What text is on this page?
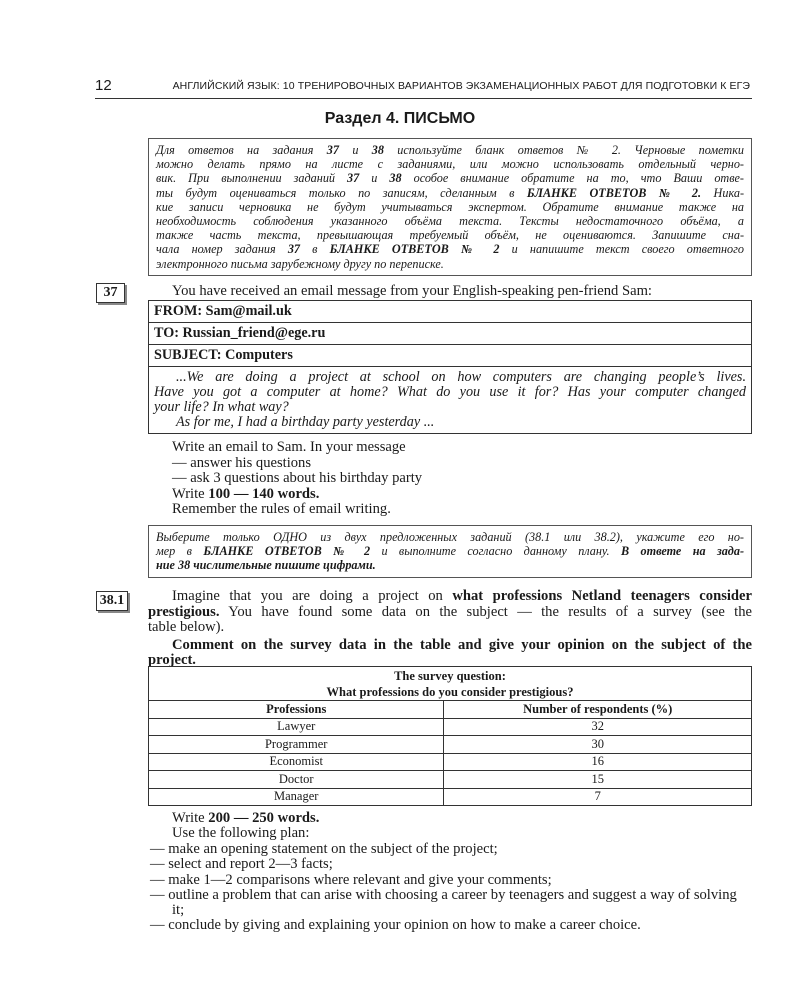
12	АНГЛИЙСКИЙ ЯЗЫК: 10 ТРЕНИРОВОЧНЫХ ВАРИАНТОВ ЭКЗАМЕНАЦИОННЫХ РАБОТ ДЛЯ ПОДГОТОВКИ К ЕГЭ
Раздел 4. ПИСЬМО
Для ответов на задания 37 и 38 используйте бланк ответов № 2. Черновые пометки
можно делать прямо на листе с заданиями, или можно использовать отдельный черно-
вик. При выполнении заданий 37 и 38 особое внимание обратите на то, что Ваши отве-
ты будут оцениваться только по записям, сделанным в БЛАНКЕ ОТВЕТОВ № 2. Ника-
кие записи черновика не будут учитываться экспертом. Обратите внимание также на
необходимость соблюдения указанного объёма текста. Тексты недостаточного объёма, а
также часть текста, превышающая требуемый объём, не оцениваются. Запишите сна-
чала номер задания 37 в БЛАНКЕ ОТВЕТОВ № 2 и напишите текст своего ответного
электронного письма зарубежному другу по переписке.
37	You have received an email message from your English-speaking pen-friend Sam:
FROM: Sam@mail.uk
TO: Russian_friend@ege.ru
SUBJECT: Computers

...We are doing a project at school on how computers are changing people’s lives.
Have you got a computer at home? What do you use it for? Has your computer changed
your life? In what way?
As for me, I had a birthday party yesterday ...
Write an email to Sam. In your message
— answer his questions
— ask 3 questions about his birthday party
Write 100 — 140 words.
Remember the rules of email writing.
Выберите только ОДНО из двух предложенных заданий (38.1 или 38.2), укажите его но-
мер в БЛАНКЕ ОТВЕТОВ № 2 и выполните согласно данному плану. В ответе на зада-
ние 38 числительные пишите цифрами.
38.1	Imagine that you are doing a project on what professions Netland teenagers consider
prestigious. You have found some data on the subject — the results of a survey (see the
table below).
Comment on the survey data in the table and give your opinion on the subject of the
project.
The survey question:
What professions do you consider prestigious?	

Professions	Number of respondents (%)
Lawyer	32
Programmer	30
Economist	16
Doctor	15
Manager	7
Write 200 — 250 words.
Use the following plan:
— make an opening statement on the subject of the project;
— select and report 2—3 facts;
— make 1—2 comparisons where relevant and give your comments;
— outline a problem that can arise with choosing a career by teenagers and suggest a way of solving it;
— conclude by giving and explaining your opinion on how to make a career choice.
